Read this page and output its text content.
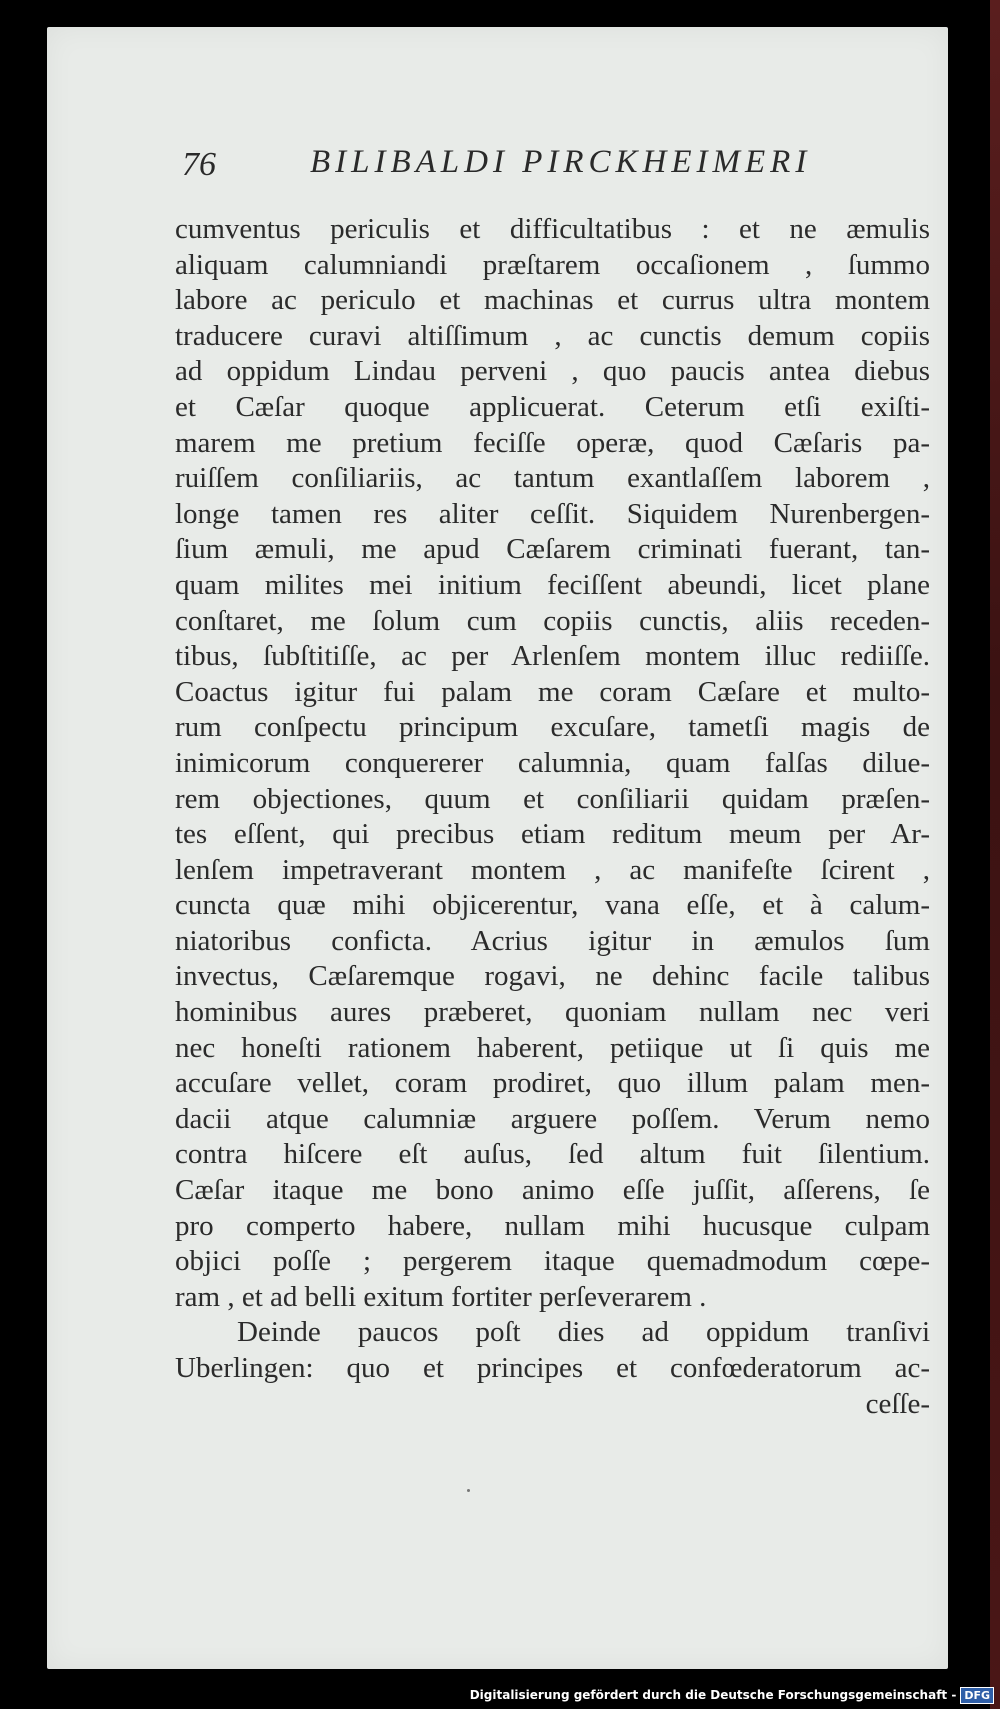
76	BILIBALDI PIRCKHEIMERI
cumventus periculis et difficultatibus : et ne æmulis
aliquam calumniandi præſtarem occaſionem , ſummo
labore ac periculo et machinas et currus ultra montem
traducere curavi altiſſimum , ac cunctis demum copiis
ad oppidum Lindau perveni , quo paucis antea diebus
et Cæſar quoque applicuerat. Ceterum etſi exiſti-
marem me pretium feciſſe operæ, quod Cæſaris pa-
ruiſſem conſiliariis, ac tantum exantlaſſem laborem ,
longe tamen res aliter ceſſit. Siquidem Nurenbergen-
ſium æmuli, me apud Cæſarem criminati fuerant, tan-
quam milites mei initium feciſſent abeundi, licet plane
conſtaret, me ſolum cum copiis cunctis, aliis receden-
tibus, ſubſtitiſſe, ac per Arlenſem montem illuc rediiſſe.
Coactus igitur fui palam me coram Cæſare et multo-
rum conſpectu principum excuſare, tametſi magis de
inimicorum conquererer calumnia, quam falſas dilue-
rem objectiones, quum et conſiliarii quidam præſen-
tes eſſent, qui precibus etiam reditum meum per Ar-
lenſem impetraverant montem , ac manifeſte ſcirent ,
cuncta quæ mihi objicerentur, vana eſſe, et à calum-
niatoribus conficta. Acrius igitur in æmulos ſum
invectus, Cæſaremque rogavi, ne dehinc facile talibus
hominibus aures præberet, quoniam nullam nec veri
nec honeſti rationem haberent, petiique ut ſi quis me
accuſare vellet, coram prodiret, quo illum palam men-
dacii atque calumniæ arguere poſſem. Verum nemo
contra hiſcere eſt auſus, ſed altum fuit ſilentium.
Cæſar itaque me bono animo eſſe juſſit, aſſerens, ſe
pro comperto habere, nullam mihi hucusque culpam
objici poſſe ; pergerem itaque quemadmodum cœpe-
ram , et ad belli exitum fortiter perſeverarem .
Deinde paucos poſt dies ad oppidum tranſivi
Uberlingen: quo et principes et confœderatorum ac-
ceſſe-
Digitalisierung gefördert durch die Deutsche Forschungsgemeinschaft - DFG
